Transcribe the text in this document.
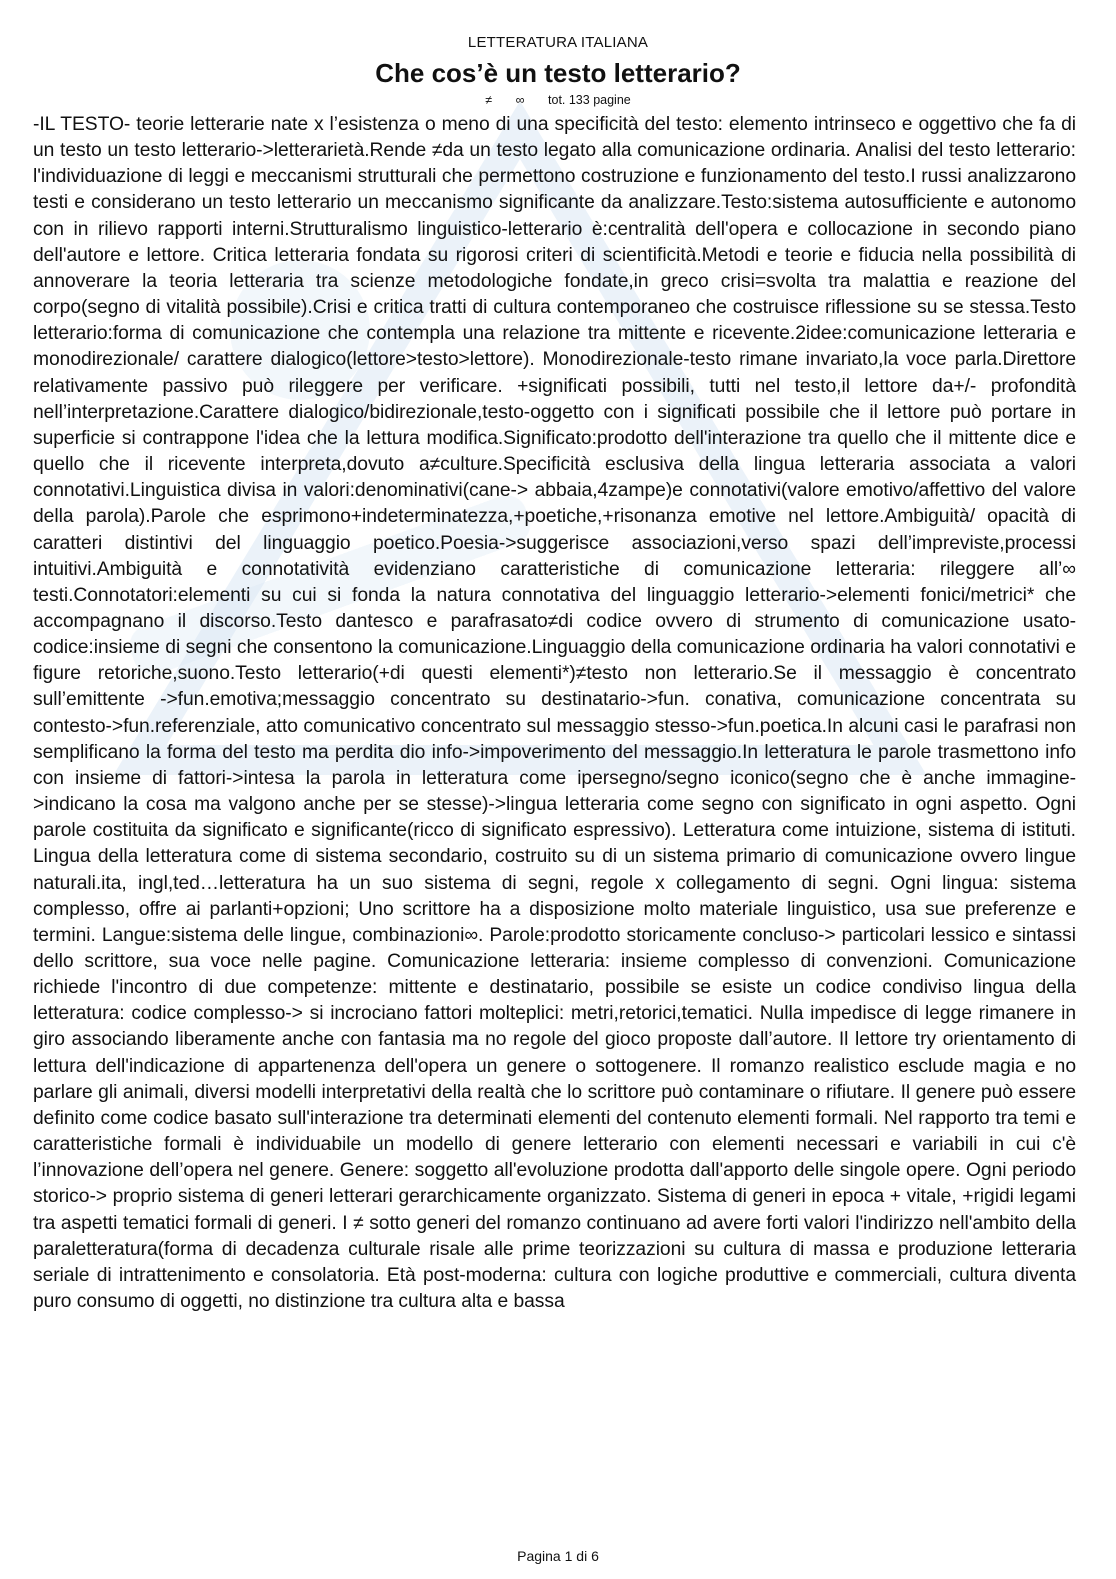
LETTERATURA ITALIANA
Che cos’è un testo letterario?
≠ ∞ tot. 133 pagine
-IL TESTO- teorie letterarie nate x l’esistenza o meno di una specificità del testo: elemento intrinseco e oggettivo che fa di un testo un testo letterario->letterarietà.Rende ≠da un testo legato alla comunicazione ordinaria. Analisi del testo letterario: l'individuazione di leggi e meccanismi strutturali che permettono costruzione e funzionamento del testo.I russi analizzarono testi e considerano un testo letterario un meccanismo significante da analizzare.Testo:sistema autosufficiente e autonomo con in rilievo rapporti interni.Strutturalismo linguistico-letterario è:centralità dell'opera e collocazione in secondo piano dell'autore e lettore. Critica letteraria fondata su rigorosi criteri di scientificità.Metodi e teorie e fiducia nella possibilità di annoverare la teoria letteraria tra scienze metodologiche fondate,in greco crisi=svolta tra malattia e reazione del corpo(segno di vitalità possibile).Crisi e critica tratti di cultura contemporaneo che costruisce riflessione su se stessa.Testo letterario:forma di comunicazione che contempla una relazione tra mittente e ricevente.2idee:comunicazione letteraria e monodirezionale/ carattere dialogico(lettore>testo>lettore). Monodirezionale-testo rimane invariato,la voce parla.Direttore relativamente passivo può rileggere per verificare. +significati possibili, tutti nel testo,il lettore da+/- profondità nell’interpretazione.Carattere dialogico/bidirezionale,testo-oggetto con i significati possibile che il lettore può portare in superficie si contrappone l'idea che la lettura modifica.Significato:prodotto dell'interazione tra quello che il mittente dice e quello che il ricevente interpreta,dovuto a≠culture.Specificità esclusiva della lingua letteraria associata a valori connotativi.Linguistica divisa in valori:denominativi(cane-> abbaia,4zampe)e connotativi(valore emotivo/affettivo del valore della parola).Parole che esprimono+indeterminatezza,+poetiche,+risonanza emotive nel lettore.Ambiguità/ opacità di caratteri distintivi del linguaggio poetico.Poesia->suggerisce associazioni,verso spazi dell’impreviste,processi intuitivi.Ambiguità e connotatività evidenziano caratteristiche di comunicazione letteraria: rileggere all’∞ testi.Connotatori:elementi su cui si fonda la natura connotativa del linguaggio letterario->elementi fonici/metrici* che accompagnano il discorso.Testo dantesco e parafrasato≠di codice ovvero di strumento di comunicazione usato-codice:insieme di segni che consentono la comunicazione.Linguaggio della comunicazione ordinaria ha valori connotativi e figure retoriche,suono.Testo letterario(+di questi elementi*)≠testo non letterario.Se il messaggio è concentrato sull’emittente ->fun.emotiva;messaggio concentrato su destinatario->fun. conativa, comunicazione concentrata su contesto->fun.referenziale, atto comunicativo concentrato sul messaggio stesso->fun.poetica.In alcuni casi le parafrasi non semplificano la forma del testo ma perdita dio info->impoverimento del messaggio.In letteratura le parole trasmettono info con insieme di fattori->intesa la parola in letteratura come ipersegno/segno iconico(segno che è anche immagine->indicano la cosa ma valgono anche per se stesse)->lingua letteraria come segno con significato in ogni aspetto. Ogni parole costituita da significato e significante(ricco di significato espressivo). Letteratura come intuizione, sistema di istituti. Lingua della letteratura come di sistema secondario, costruito su di un sistema primario di comunicazione ovvero lingue naturali.ita, ingl,ted…letteratura ha un suo sistema di segni, regole x collegamento di segni. Ogni lingua: sistema complesso, offre ai parlanti+opzioni; Uno scrittore ha a disposizione molto materiale linguistico, usa sue preferenze e termini. Langue:sistema delle lingue, combinazioni∞. Parole:prodotto storicamente concluso-> particolari lessico e sintassi dello scrittore, sua voce nelle pagine. Comunicazione letteraria: insieme complesso di convenzioni. Comunicazione richiede l'incontro di due competenze: mittente e destinatario, possibile se esiste un codice condiviso lingua della letteratura: codice complesso-> si incrociano fattori molteplici: metri,retorici,tematici. Nulla impedisce di legge rimanere in giro associando liberamente anche con fantasia ma no regole del gioco proposte dall’autore. Il lettore try orientamento di lettura dell'indicazione di appartenenza dell'opera un genere o sottogenere. Il romanzo realistico esclude magia e no parlare gli animali, diversi modelli interpretativi della realtà che lo scrittore può contaminare o rifiutare. Il genere può essere definito come codice basato sull'interazione tra determinati elementi del contenuto elementi formali. Nel rapporto tra temi e caratteristiche formali è individuabile un modello di genere letterario con elementi necessari e variabili in cui c'è l’innovazione dell’opera nel genere. Genere: soggetto all'evoluzione prodotta dall'apporto delle singole opere. Ogni periodo storico-> proprio sistema di generi letterari gerarchicamente organizzato. Sistema di generi in epoca + vitale, +rigidi legami tra aspetti tematici formali di generi. I ≠ sotto generi del romanzo continuano ad avere forti valori l'indirizzo nell'ambito della paraletteratura(forma di decadenza culturale risale alle prime teorizzazioni su cultura di massa e produzione letteraria seriale di intrattenimento e consolatoria. Età post-moderna: cultura con logiche produttive e commerciali, cultura diventa puro consumo di oggetti, no distinzione tra cultura alta e bassa
Pagina 1 di 6
